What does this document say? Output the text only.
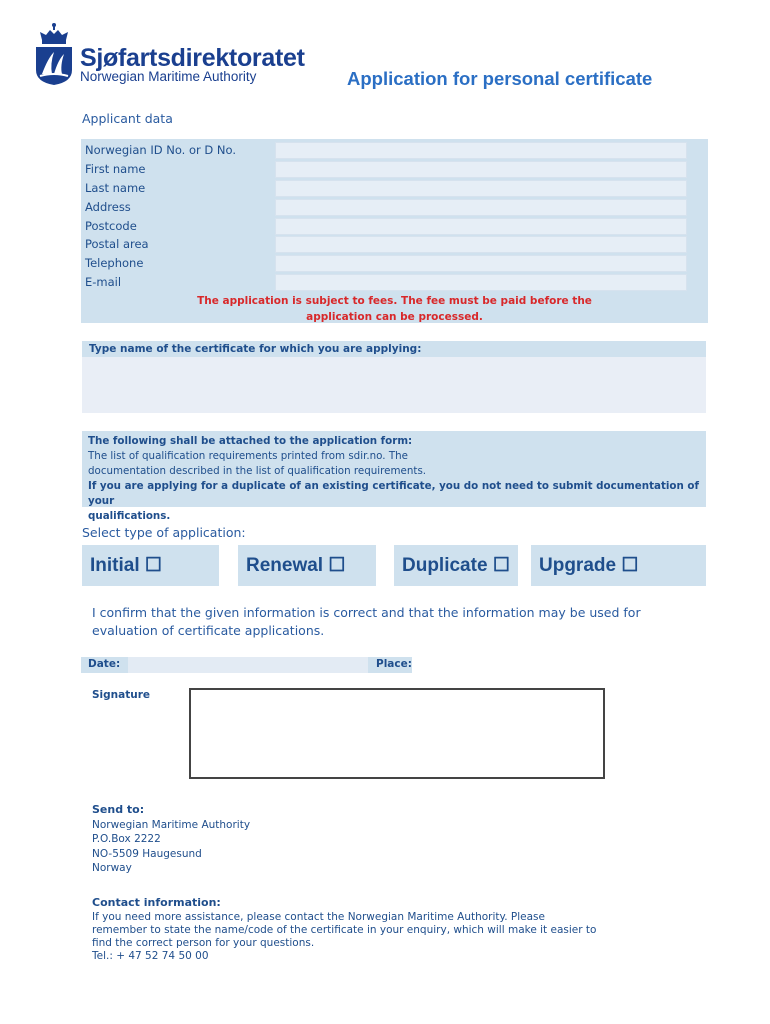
Sjøfartsdirektoratet
Norwegian Maritime Authority	Application for personal certificate
Applicant data
Norwegian ID No. or D No.
First name
Last name
Address
Postcode
Postal area
Telephone
E-mail
The application is subject to fees. The fee must be paid before the
application can be processed.
Type name of the certificate for which you are applying:
The following shall be attached to the application form:
The list of qualification requirements printed from sdir.no. The
documentation described in the list of qualification requirements.
If you are applying for a duplicate of an existing certificate, you do not need to submit documentation of your
qualifications.
Select type of application:
Initial ☐	Renewal ☐	Duplicate ☐	Upgrade ☐
I confirm that the given information is correct and that the information may be used for
evaluation of certificate applications.
Date:	Place:
Signature
Send to:
Norwegian Maritime Authority
P.O.Box 2222
NO-5509 Haugesund
Norway
Contact information:
If you need more assistance, please contact the Norwegian Maritime Authority. Please
remember to state the name/code of the certificate in your enquiry, which will make it easier to
find the correct person for your questions.
Tel.: + 47 52 74 50 00
